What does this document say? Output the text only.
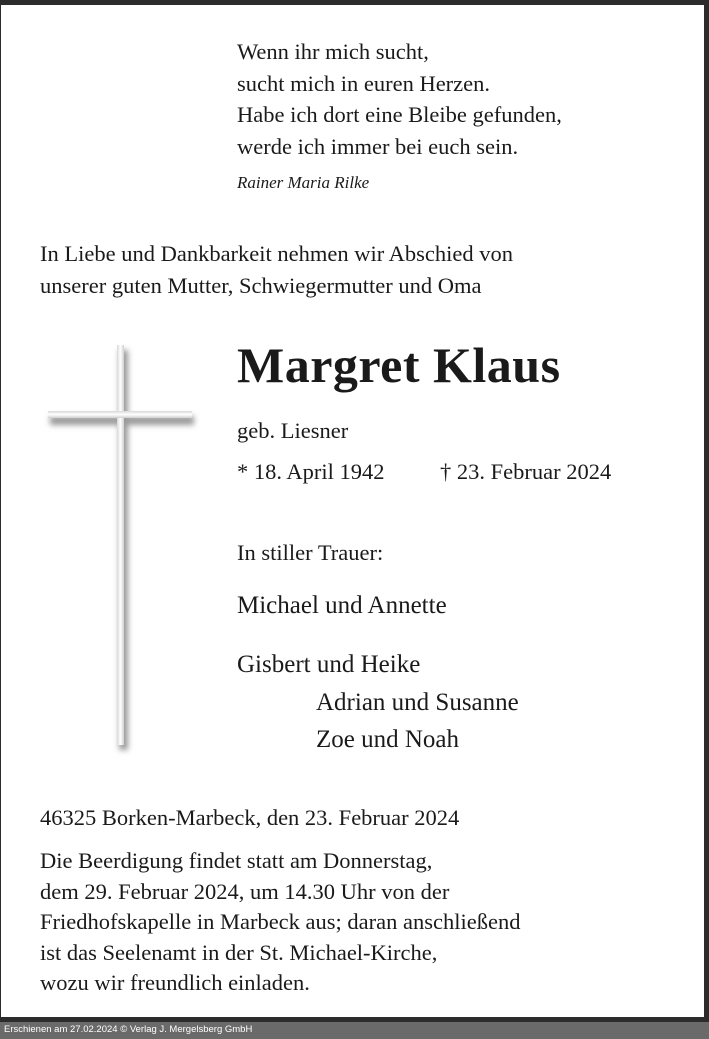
Wenn ihr mich sucht,
sucht mich in euren Herzen.
Habe ich dort eine Bleibe gefunden,
werde ich immer bei euch sein.
Rainer Maria Rilke
In Liebe und Dankbarkeit nehmen wir Abschied von
unserer guten Mutter, Schwiegermutter und Oma
Margret Klaus
geb. Liesner
* 18. April 1942 † 23. Februar 2024
In stiller Trauer:
Michael und Annette
Gisbert und Heike
Adrian und Susanne
Zoe und Noah
46325 Borken-Marbeck, den 23. Februar 2024
Die Beerdigung findet statt am Donnerstag,
dem 29. Februar 2024, um 14.30 Uhr von der
Friedhofskapelle in Marbeck aus; daran anschließend
ist das Seelenamt in der St. Michael-Kirche,
wozu wir freundlich einladen.
Erschienen am 27.02.2024 © Verlag J. Mergelsberg GmbH
